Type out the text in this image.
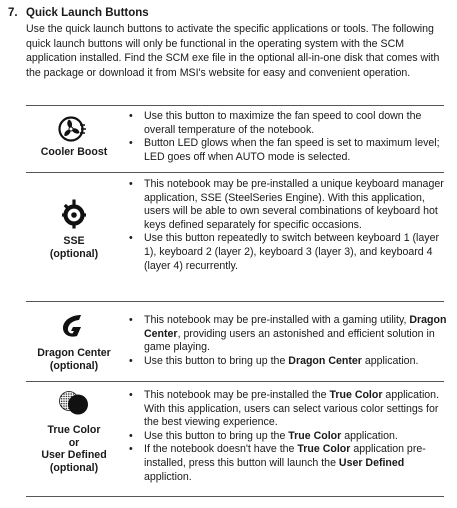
7. Quick Launch Buttons
Use the quick launch buttons to activate the specific applications or tools. The following quick launch buttons will only be functional in the operating system with the SCM application installed. Find the SCM exe file in the optional all-in-one disk that comes with the package or download it from MSI's website for easy and convenient operation.
Cooler Boost
• Use this button to maximize the fan speed to cool down the overall temperature of the notebook.
• Button LED glows when the fan speed is set to maximum level; LED goes off when AUTO mode is selected.
SSE
(optional)
• This notebook may be pre-installed a unique keyboard manager application, SSE (SteelSeries Engine). With this application, users will be able to own several combinations of keyboard hot keys defined separately for specific occasions.
• Use this button repeatedly to switch between keyboard 1 (layer 1), keyboard 2 (layer 2), keyboard 3 (layer 3), and keyboard 4 (layer 4) recurrently.
Dragon Center
(optional)
• This notebook may be pre-installed with a gaming utility, Dragon Center, providing users an astonished and efficient solution in game playing.
• Use this button to bring up the Dragon Center application.
True Color
or
User Defined
(optional)
• This notebook may be pre-installed the True Color application. With this application, users can select various color settings for the best viewing experience.
• Use this button to bring up the True Color application.
• If the notebook doesn't have the True Color application pre-installed, press this button will launch the User Defined appliction.
